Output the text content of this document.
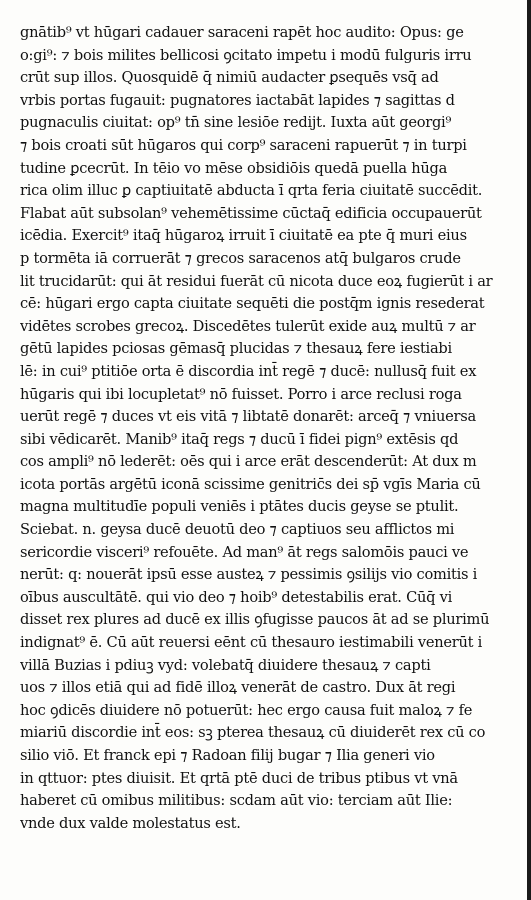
gnātib⁹ vt hūgari cadauer saraceni rapēt hoc audito: Opus: ge
o:gi⁹: ⁊ bois milites bellicosi ꝯcitato impetu i modū fulguris irru
crūt sup illos. Quosquidē q̄ nimiū audacter ꝑsequēs vsq̄ ad
vrbis portas fugauit: pugnatores iactabāt lapides ⁊ sagittas d
pugnaculis ciuitat: op⁹ tn̄ sine lesiōe redijt. Iuxta aūt georgi⁹
⁊ bois croati sūt hūgaros qui corp⁹ saraceni rapuerūt ⁊ in turpi
tudine ꝑcecrūt. In tēio vo mēse obsidiōis quedā puella hūga
rica olim illuc ꝑ captiuitatē abducta ī qrta feria ciuitatē succēdit.
Flabat aūt subsolan⁹ vehemētissime cūctaq̄ edificia occupauerūt
icēdia. Exercit⁹ itaq̄ hūgaroꝝ irruit ī ciuitatē ea pte q̄ muri eius
p tormēta iā corruerāt ⁊ grecos saracenos atq̄ bulgaros crude
lit trucidarūt: qui āt residui fuerāt cū nicota duce eoꝝ fugierūt i ar
cē: hūgari ergo capta ciuitate sequēti die postq̄m ignis resederat
vidētes scrobes grecoꝝ. Discedētes tulerūt exide auꝝ multū ⁊ ar
gētū lapides pciosas gēmasq̄ plucidas ⁊ thesauꝝ fere iestiabi
lē: in cui⁹ ptitiōe orta ē discordia int̄ regē ⁊ ducē: nullusq̄ fuit ex
hūgaris qui ibi locupletat⁹ nō fuisset. Porro i arce reclusi roga
uerūt regē ⁊ duces vt eis vitā ⁊ libtatē donarēt: arceq̄ ⁊ vniuersa
sibi vēdicarēt. Manib⁹ itaq̄ regs ⁊ ducū ī fidei pign⁹ extēsis qd
cos ampli⁹ nō lederēt: oēs qui i arce erāt descenderūt: At dux m
icota portās argētū iconā scissime genitric̄s dei sp̄ vgīs Maria cū
magna multitudīe populi veniēs i ptātes ducis geyse se ptulit.
Sciebat. n. geysa ducē deuotū deo ⁊ captiuos seu afflictos mi
sericordie visceri⁹ refouēte. Ad man⁹ āt regs salomōis pauci ve
nerūt: q: nouerāt ipsū esse austeꝝ ⁊ pessimis ꝯsilijs vio comitis i
oībus auscultātē. qui vio deo ⁊ hoib⁹ detestabilis erat. Cūq̄ vi
disset rex plures ad ducē ex illis ꝯfugisse paucos āt ad se plurimū
indignat⁹ ē. Cū aūt reuersi eēnt cū thesauro iestimabili venerūt i
villā Buzias i pdiuꝫ vyd: volebatq̄ diuidere thesauꝝ ⁊ capti
uos ⁊ illos etiā qui ad fidē illoꝝ venerāt de castro. Dux āt regi
hoc ꝯdicēs diuidere nō potuerūt: hec ergo causa fuit maloꝝ ⁊ fe
miariū discordie int̄ eos: sꝫ pterea thesauꝝ cū diuiderēt rex cū co
silio viō. Et franck epi ⁊ Radoan filij bugar ⁊ Ilia generi vio
in qttuor: ptes diuisit. Et qrtā ptē duci de tribus ptibus vt vnā
haberet cū omibus militibus: scdam aūt vio: terciam aūt Ilie:
vnde dux valde molestatus est.
